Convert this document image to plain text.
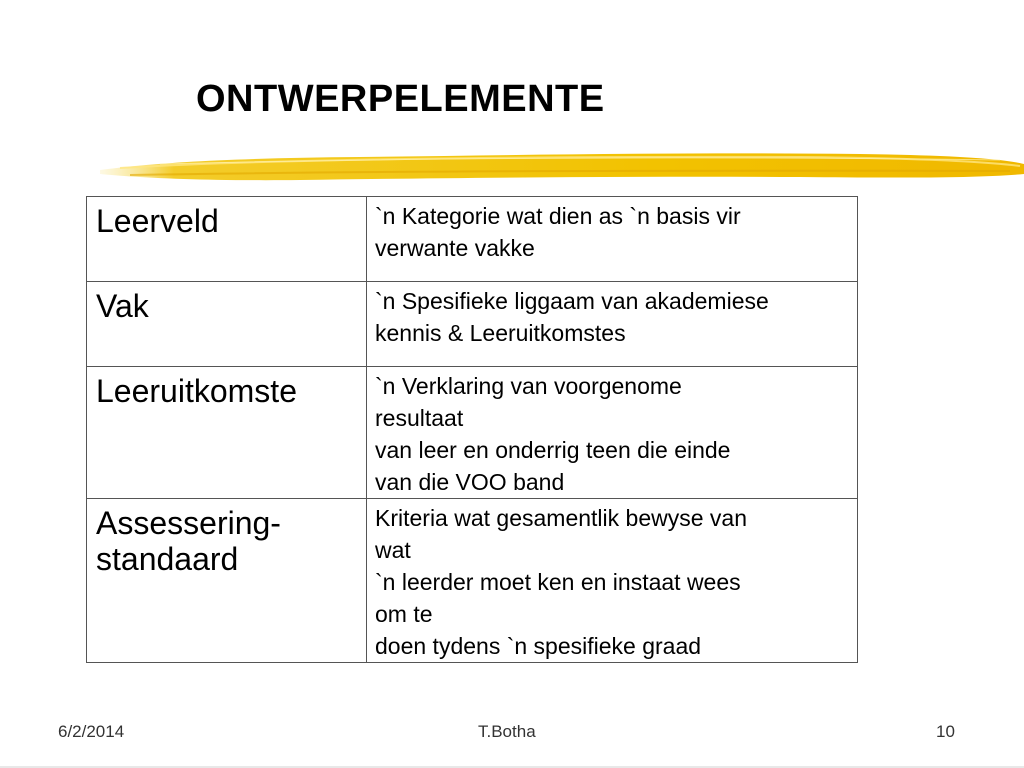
ONTWERPELEMENTE
Leerveld	`n Kategorie wat dien as `n basis vir
verwante vakke

Vak	`n Spesifieke liggaam van akademiese
kennis & Leeruitkomstes

Leeruitkomste	`n Verklaring van voorgenome
resultaat
van leer en onderrig teen die einde
van die VOO band

Assessering-
standaard	Kriteria wat gesamentlik bewyse van
wat
`n leerder moet ken en instaat wees
om te
doen tydens `n spesifieke graad
6/2/2014	T.Botha	10
